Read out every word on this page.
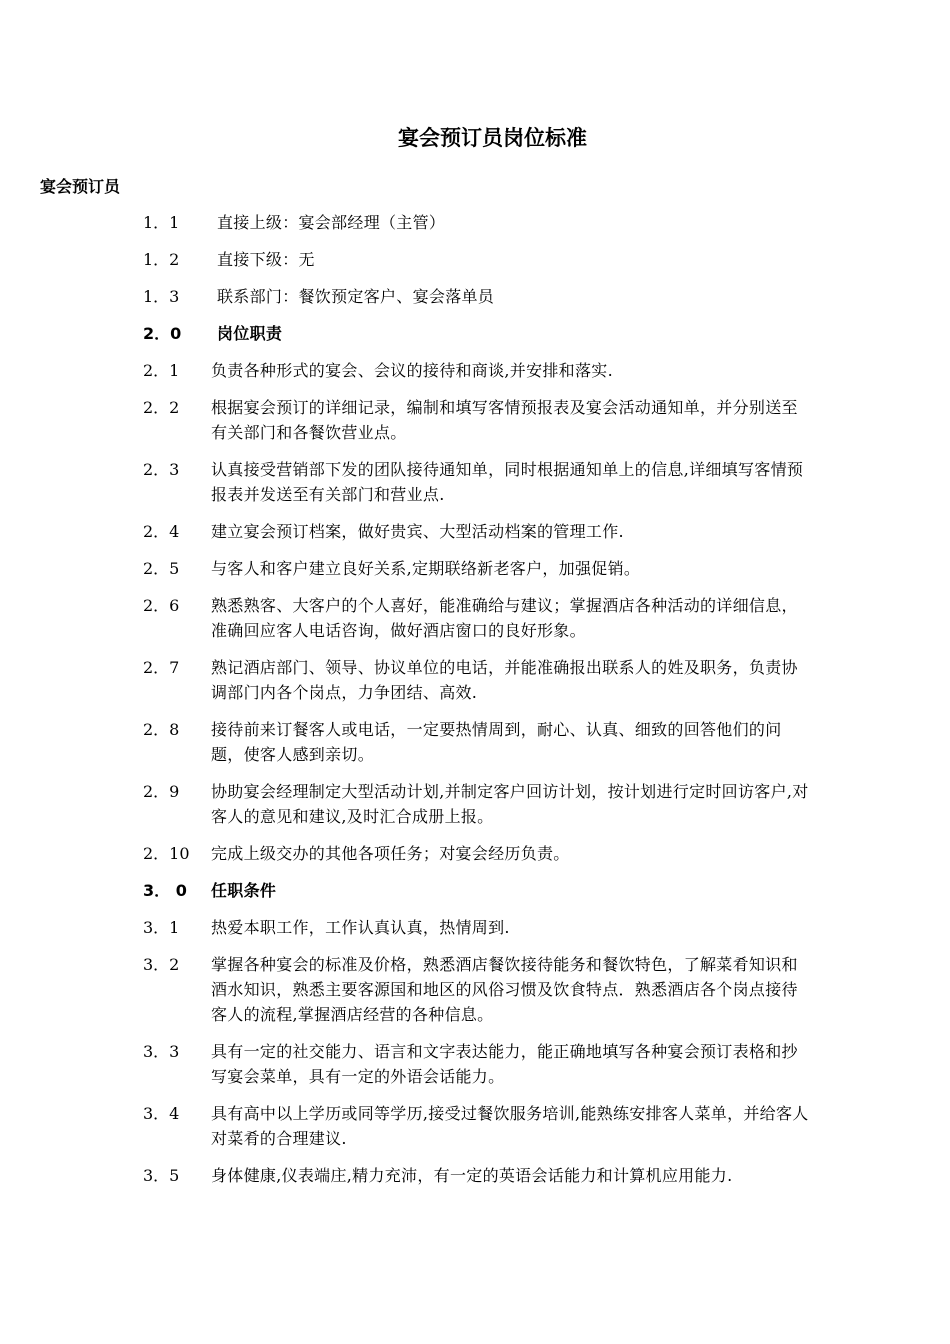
宴会预订员岗位标准
宴会预订员
1．1	直接上级：宴会部经理（主管）
1．2	直接下级：无
1．3	联系部门：餐饮预定客户、宴会落单员
2．0	岗位职责
2．1	负责各种形式的宴会、会议的接待和商谈,并安排和落实.
2．2	根据宴会预订的详细记录，编制和填写客情预报表及宴会活动通知单，并分别送至有关部门和各餐饮营业点。
2．3	认真接受营销部下发的团队接待通知单，同时根据通知单上的信息,详细填写客情预报表并发送至有关部门和营业点.
2．4	建立宴会预订档案，做好贵宾、大型活动档案的管理工作.
2．5	与客人和客户建立良好关系,定期联络新老客户，加强促销。
2．6	熟悉熟客、大客户的个人喜好，能准确给与建议；掌握酒店各种活动的详细信息，准确回应客人电话咨询，做好酒店窗口的良好形象。
2．7	熟记酒店部门、领导、协议单位的电话，并能准确报出联系人的姓及职务，负责协调部门内各个岗点，力争团结、高效.
2．8	接待前来订餐客人或电话，一定要热情周到，耐心、认真、细致的回答他们的问题，使客人感到亲切。
2．9	协助宴会经理制定大型活动计划,并制定客户回访计划，按计划进行定时回访客户,对客人的意见和建议,及时汇合成册上报。
2．10	完成上级交办的其他各项任务；对宴会经历负责。
3． 0	任职条件
3．1	热爱本职工作，工作认真认真，热情周到.
3．2	掌握各种宴会的标准及价格，熟悉酒店餐饮接待能务和餐饮特色，了解菜肴知识和酒水知识，熟悉主要客源国和地区的风俗习惯及饮食特点．熟悉酒店各个岗点接待客人的流程,掌握酒店经营的各种信息。
3．3	具有一定的社交能力、语言和文字表达能力，能正确地填写各种宴会预订表格和抄写宴会菜单，具有一定的外语会话能力。
3．4	具有高中以上学历或同等学历,接受过餐饮服务培训,能熟练安排客人菜单，并给客人对菜肴的合理建议.
3．5	身体健康,仪表端庄,精力充沛，有一定的英语会话能力和计算机应用能力.
